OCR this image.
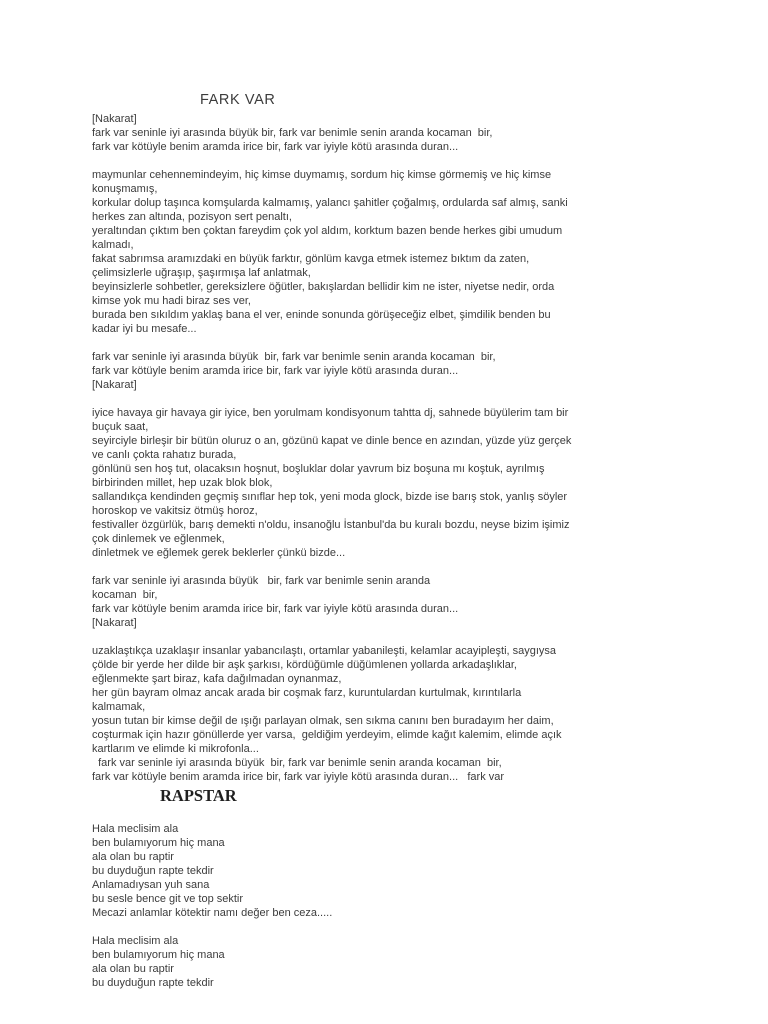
FARK VAR
[Nakarat]
fark var seninle iyi arasında büyük bir, fark var benimle senin aranda kocaman  bir,
fark var kötüyle benim aramda irice bir, fark var iyiyle kötü arasında duran...
maymunlar cehennemindeyim, hiç kimse duymamış, sordum hiç kimse görmemiş ve hiç kimse
konuşmamış,
korkular dolup taşınca komşularda kalmamış, yalancı şahitler çoğalmış, ordularda saf almış, sanki
herkes zan altında, pozisyon sert penaltı,
yeraltından çıktım ben çoktan fareydim çok yol aldım, korktum bazen bende herkes gibi umudum
kalmadı,
fakat sabrımsa aramızdaki en büyük farktır, gönlüm kavga etmek istemez bıktım da zaten,
çelimsizlerle uğraşıp, şaşırmışa laf anlatmak,
beyinsizlerle sohbetler, gereksizlere öğütler, bakışlardan bellidir kim ne ister, niyetse nedir, orda
kimse yok mu hadi biraz ses ver,
burada ben sıkıldım yaklaş bana el ver, eninde sonunda görüşeceğiz elbet, şimdilik benden bu
kadar iyi bu mesafe...
fark var seninle iyi arasında büyük  bir, fark var benimle senin aranda kocaman  bir,
fark var kötüyle benim aramda irice bir, fark var iyiyle kötü arasında duran...
[Nakarat]
iyice havaya gir havaya gir iyice, ben yorulmam kondisyonum tahtta dj, sahnede büyülerim tam bir
buçuk saat,
seyirciyle birleşir bir bütün oluruz o an, gözünü kapat ve dinle bence en azından, yüzde yüz gerçek
ve canlı çokta rahatız burada,
gönlünü sen hoş tut, olacaksın hoşnut, boşluklar dolar yavrum biz boşuna mı koştuk, ayrılmış
birbirinden millet, hep uzak blok blok,
sallandıkça kendinden geçmiş sınıflar hep tok, yeni moda glock, bizde ise barış stok, yanlış söyler
horoskop ve vakitsiz ötmüş horoz,
festivaller özgürlük, barış demekti n'oldu, insanoğlu İstanbul'da bu kuralı bozdu, neyse bizim işimiz
çok dinlemek ve eğlenmek,
dinletmek ve eğlemek gerek beklerler çünkü bizde...
fark var seninle iyi arasında büyük   bir, fark var benimle senin aranda
kocaman  bir,
fark var kötüyle benim aramda irice bir, fark var iyiyle kötü arasında duran...
[Nakarat]
uzaklaştıkça uzaklaşır insanlar yabancılaştı, ortamlar yabanileşti, kelamlar acayipleşti, saygıysa
çölde bir yerde her dilde bir aşk şarkısı, kördüğümle düğümlenen yollarda arkadaşlıklar,
eğlenmekte şart biraz, kafa dağılmadan oynanmaz,
her gün bayram olmaz ancak arada bir coşmak farz, kuruntulardan kurtulmak, kırıntılarla
kalmamak,
yosun tutan bir kimse değil de ışığı parlayan olmak, sen sıkma canını ben buradayım her daim,
coşturmak için hazır gönüllerde yer varsa,  geldiğim yerdeyim, elimde kağıt kalemim, elimde açık
kartlarım ve elimde ki mikrofonla...
fark var seninle iyi arasında büyük  bir, fark var benimle senin aranda kocaman  bir,
fark var kötüyle benim aramda irice bir, fark var iyiyle kötü arasında duran...   fark var
RAPSTAR
Hala meclisim ala
ben bulamıyorum hiç mana
ala olan bu raptir
bu duyduğun rapte tekdir
Anlamadıysan yuh sana
bu sesle bence git ve top sektir
Mecazi anlamlar kötektir namı değer ben ceza.....
Hala meclisim ala
ben bulamıyorum hiç mana
ala olan bu raptir
bu duyduğun rapte tekdir
